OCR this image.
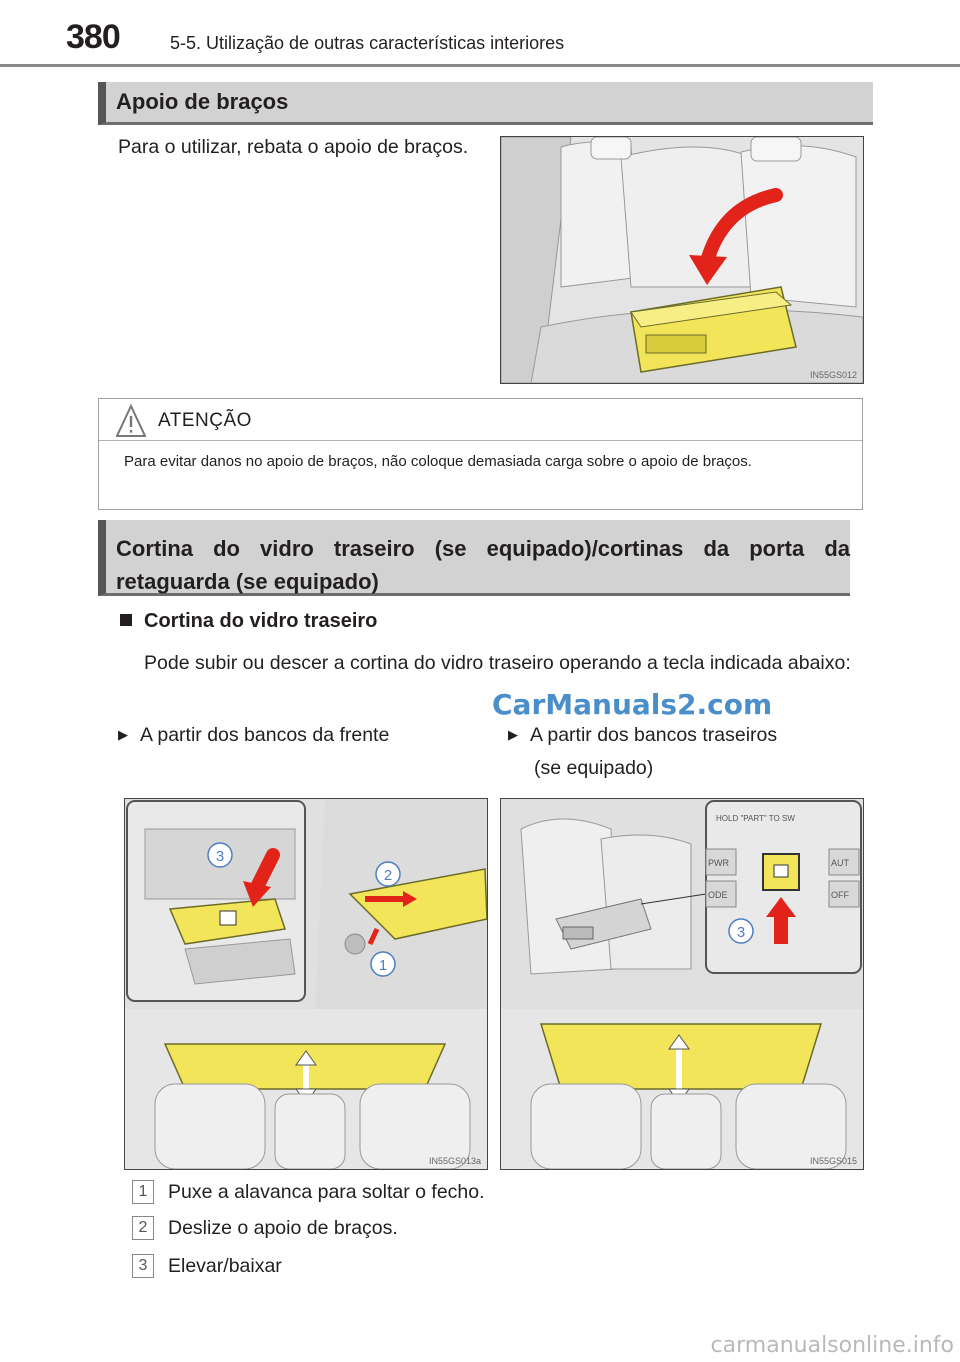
380	5-5. Utilização de outras características interiores
Apoio de braços
Para o utilizar, rebata o apoio de braços.
IN55GS012
ATENÇÃO
Para evitar danos no apoio de braços, não coloque demasiada carga sobre o apoio de braços.
Cortina do vidro traseiro (se equipado)/cortinas da porta da
retaguarda (se equipado)
Cortina do vidro traseiro
Pode subir ou descer a cortina do vidro traseiro operando a tecla indicada abaixo:
CarManuals2.com
▶ A partir dos bancos da frente	▶ A partir dos bancos traseiros
(se equipado)
3
2
1
IN55GS013a
HOLD "PART" TO SW
PWR
ODE
AUT
OFF
3
IN55GS015
1 Puxe a alavanca para soltar o fecho.
2 Deslize o apoio de braços.
3 Elevar/baixar
carmanualsonline.info
